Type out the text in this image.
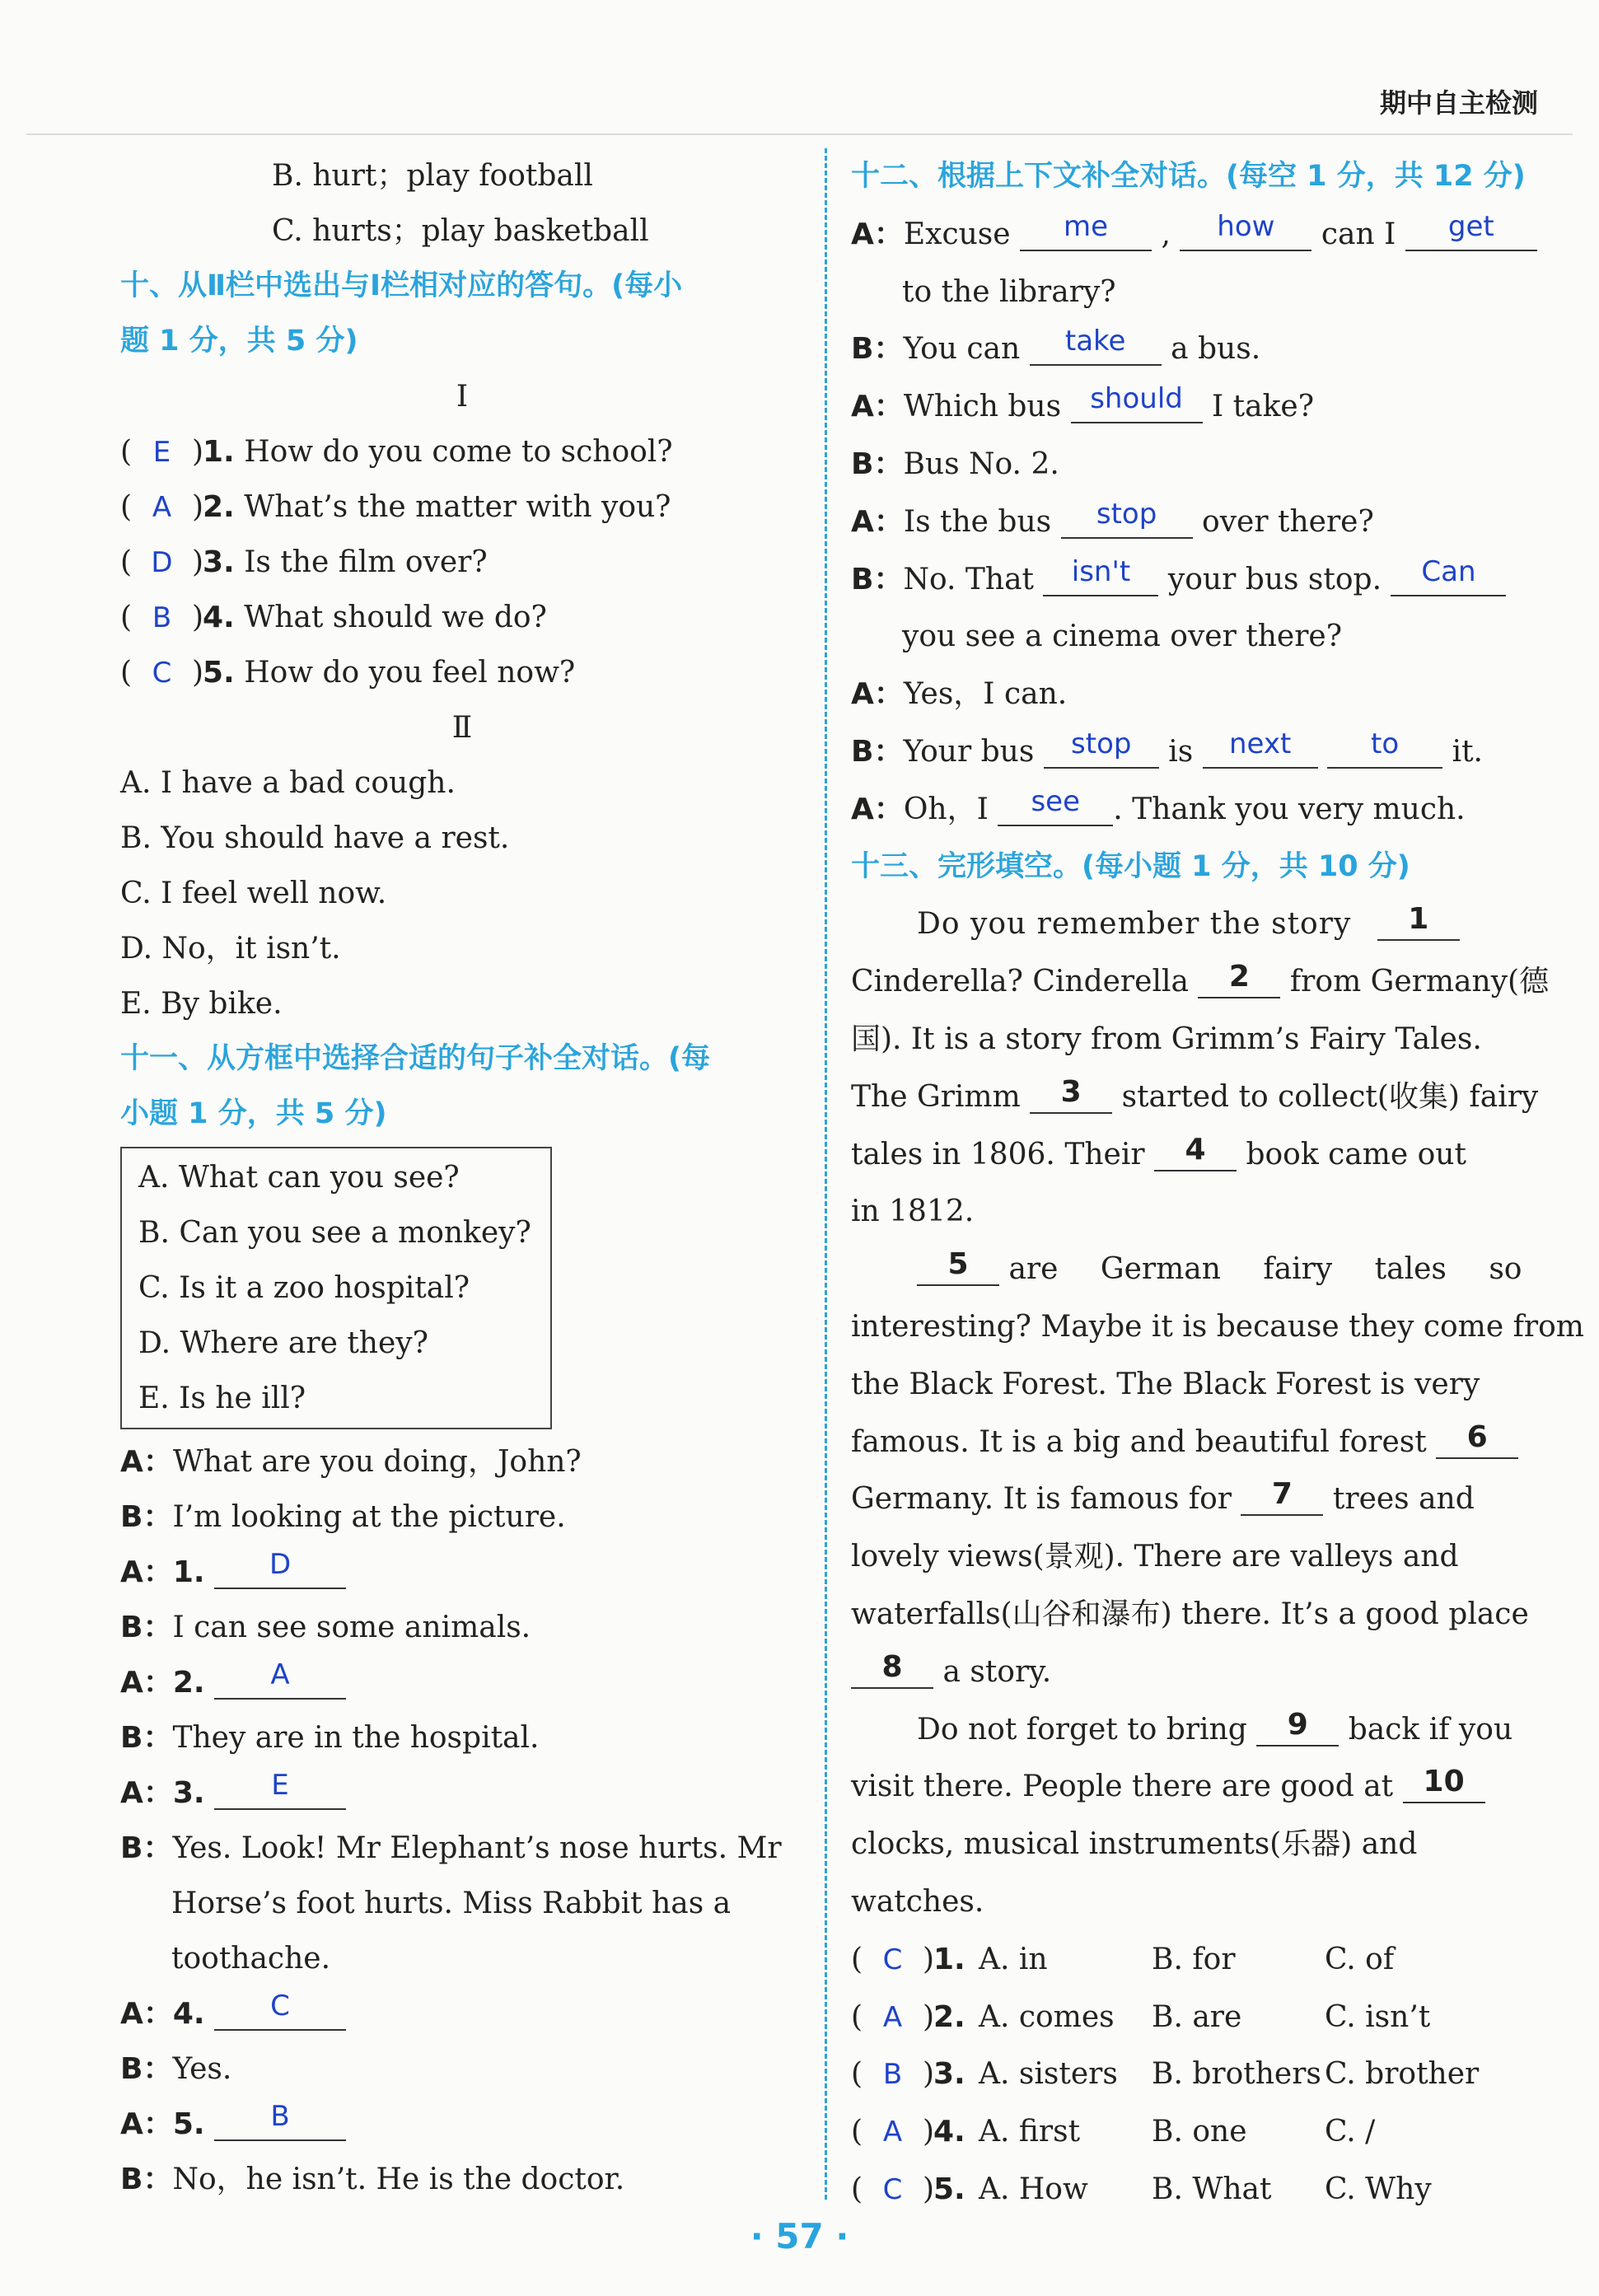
期中自主检测
B. hurt；play football
C. hurts；play basketball
十、从Ⅱ栏中选出与Ⅰ栏相对应的答句。(每小
题 1 分，共 5 分)
Ⅰ
( E )1. How do you come to school?
( A )2. What’s the matter with you?
( D )3. Is the film over?
( B )4. What should we do?
( C )5. How do you feel now?
Ⅱ
A. I have a bad cough.
B. You should have a rest.
C. I feel well now.
D. No，it isn’t.
E. By bike.
十一、从方框中选择合适的句子补全对话。(每
小题 1 分，共 5 分)
A. What can you see?
B. Can you see a monkey?
C. Is it a zoo hospital?
D. Where are they?
E. Is he ill?
A：What are you doing，John?
B：I’m looking at the picture.
A：1. D
B：I can see some animals.
A：2. A
B：They are in the hospital.
A：3. E
B：Yes. Look! Mr Elephant’s nose hurts. Mr
Horse’s foot hurts. Miss Rabbit has a
toothache.
A：4. C
B：Yes.
A：5. B
B：No，he isn’t. He is the doctor.
十二、根据上下文补全对话。(每空 1 分，共 12 分)
A：Excuse me , how can I get
to the library?
B：You can take a bus.
A：Which bus should I take?
B：Bus No. 2.
A：Is the bus stop over there?
B：No. That isn't your bus stop. Can
you see a cinema over there?
A：Yes，I can.
B：Your bus stop is next	to it.
A：Oh，I see . Thank you very much.
十三、完形填空。(每小题 1 分，共 10 分)
Do you remember the story 1
Cinderella? Cinderella 2 from Germany(德
国). It is a story from Grimm’s Fairy Tales.
The Grimm 3 started to collect(收集) fairy
tales in 1806. Their 4 book came out
in 1812.
5 are German fairy tales so
interesting? Maybe it is because they come from
the Black Forest. The Black Forest is very
famous. It is a big and beautiful forest 6
Germany. It is famous for 7 trees and
lovely views(景观). There are valleys and
waterfalls(山谷和瀑布) there. It’s a good place
8 a story.
Do not forget to bring 9 back if you
visit there. People there are good at 10
clocks, musical instruments(乐器) and
watches.
( C )1. A. in	B. for	C. of
( A )2. A. comes B. are	C. isn’t
( B )3. A. sisters B. brothers C. brother
( A )4. A. first B. one	C. /
( C )5. A. How B. What C. Why
· 57 ·
